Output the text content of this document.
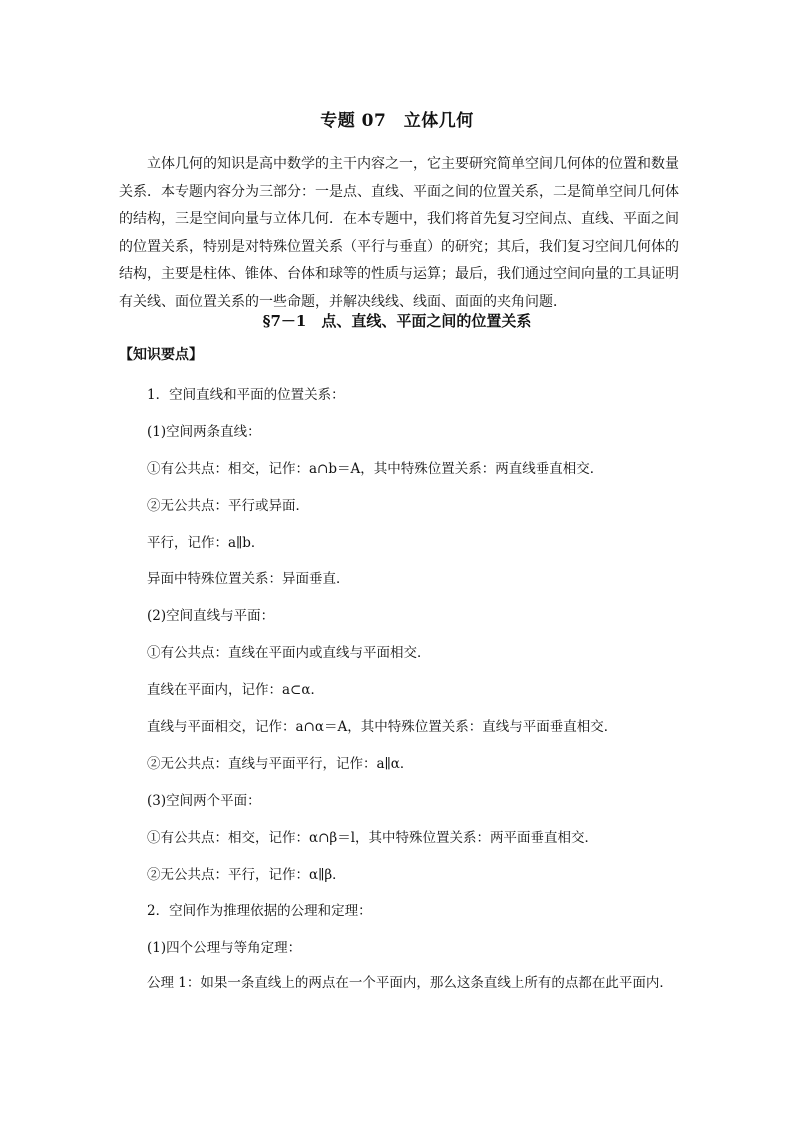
专题 07　立体几何

立体几何的知识是高中数学的主干内容之一，它主要研究简单空间几何体的位置和数量关系．本专题内容分为三部分：一是点、直线、平面之间的位置关系，二是简单空间几何体的结构，三是空间向量与立体几何．在本专题中，我们将首先复习空间点、直线、平面之间的位置关系，特别是对特殊位置关系（平行与垂直）的研究；其后，我们复习空间几何体的结构，主要是柱体、锥体、台体和球等的性质与运算；最后，我们通过空间向量的工具证明有关线、面位置关系的一些命题，并解决线线、线面、面面的夹角问题．

§7－1　点、直线、平面之间的位置关系
【知识要点】
1．空间直线和平面的位置关系：
(1)空间两条直线：
①有公共点：相交，记作：a∩b＝A，其中特殊位置关系：两直线垂直相交．
②无公共点：平行或异面．
平行，记作：a∥b．
异面中特殊位置关系：异面垂直．
(2)空间直线与平面：
①有公共点：直线在平面内或直线与平面相交．
直线在平面内，记作：a⊂α．
直线与平面相交，记作：a∩α＝A，其中特殊位置关系：直线与平面垂直相交．
②无公共点：直线与平面平行，记作：a∥α．
(3)空间两个平面：
①有公共点：相交，记作：α∩β＝l，其中特殊位置关系：两平面垂直相交．
②无公共点：平行，记作：α∥β．
2．空间作为推理依据的公理和定理：
(1)四个公理与等角定理：
公理 1：如果一条直线上的两点在一个平面内，那么这条直线上所有的点都在此平面内．
